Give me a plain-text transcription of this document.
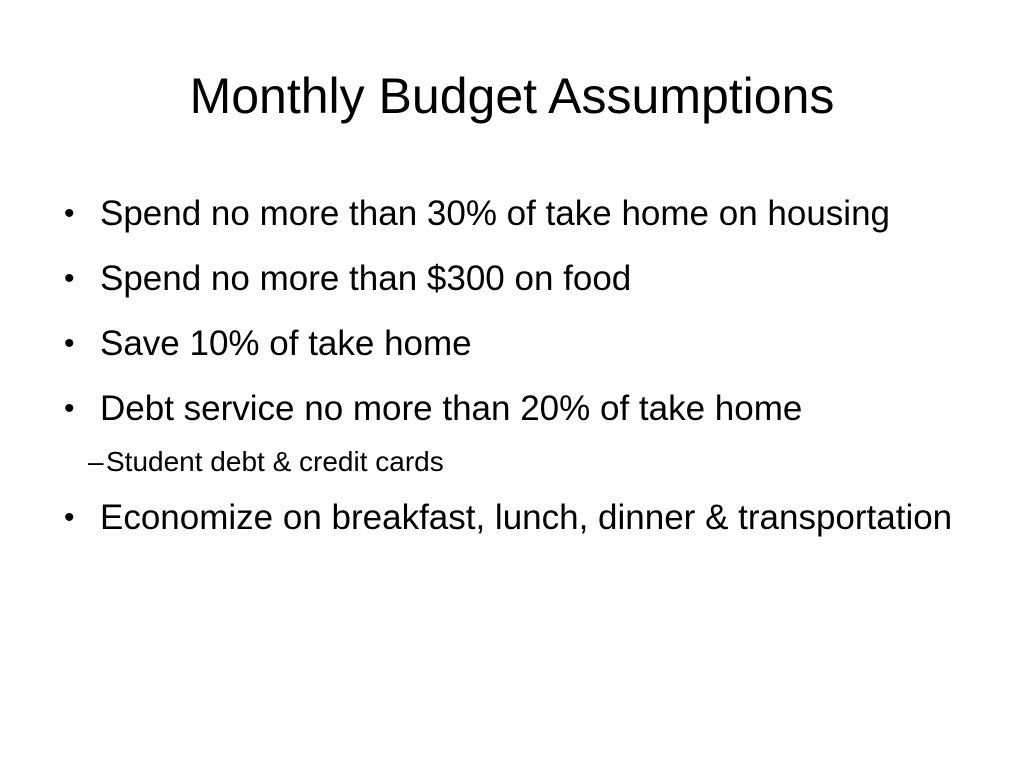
Monthly Budget Assumptions
• Spend no more than 30% of take home on housing
• Spend no more than $300 on food
• Save 10% of take home
• Debt service no more than 20% of take home
– Student debt & credit cards
• Economize on breakfast, lunch, dinner & transportation
